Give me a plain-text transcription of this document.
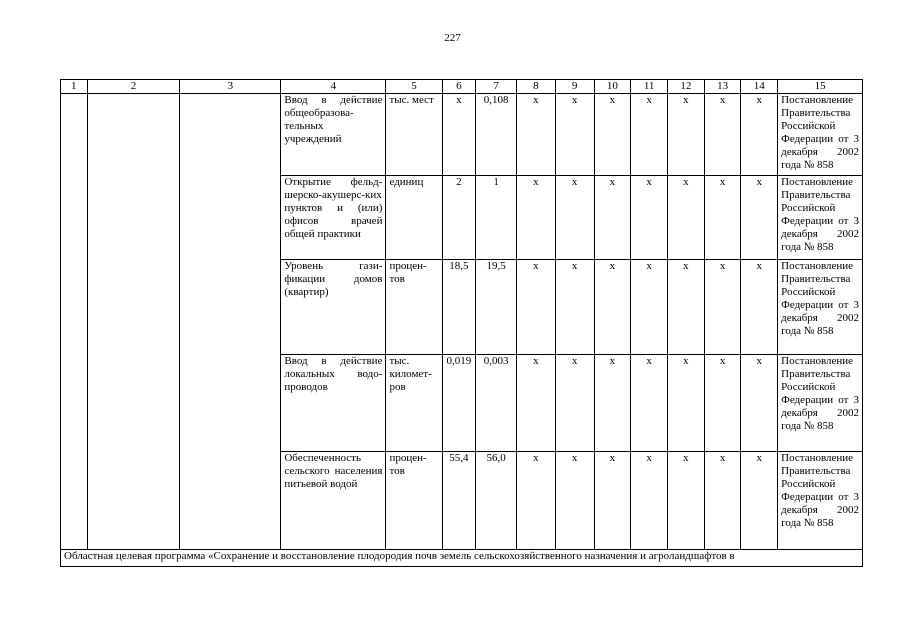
227
1	2	3	4	5	6	7	8	9	10	11	12	13	14	15
			Ввод в действие общеобразова-тельных учреждений	тыс. мест	х	0,108	х	х	х	х	х	х	х	Постановление Правительства Российской Федерации от 3 декабря 2002 года № 858
			Открытие фельд-шерско-акушерс-ких пунктов и (или) офисов врачей общей практики	единиц	2	1	х	х	х	х	х	х	х	Постановление Правительства Российской Федерации от 3 декабря 2002 года № 858
			Уровень гази-фикации домов (квартир)	процен-тов	18,5	19,5	х	х	х	х	х	х	х	Постановление Правительства Российской Федерации от 3 декабря 2002 года № 858
			Ввод в действие локальных водо-проводов	тыс. километ-ров	0,019	0,003	х	х	х	х	х	х	х	Постановление Правительства Российской Федерации от 3 декабря 2002 года № 858
			Обеспеченность сельского населения питьевой водой	процен-тов	55,4	56,0	х	х	х	х	х	х	х	Постановление Правительства Российской Федерации от 3 декабря 2002 года № 858
Областная целевая программа «Сохранение и восстановление плодородия почв земель сельскохозяйственного назначения и агроландшафтов в														
